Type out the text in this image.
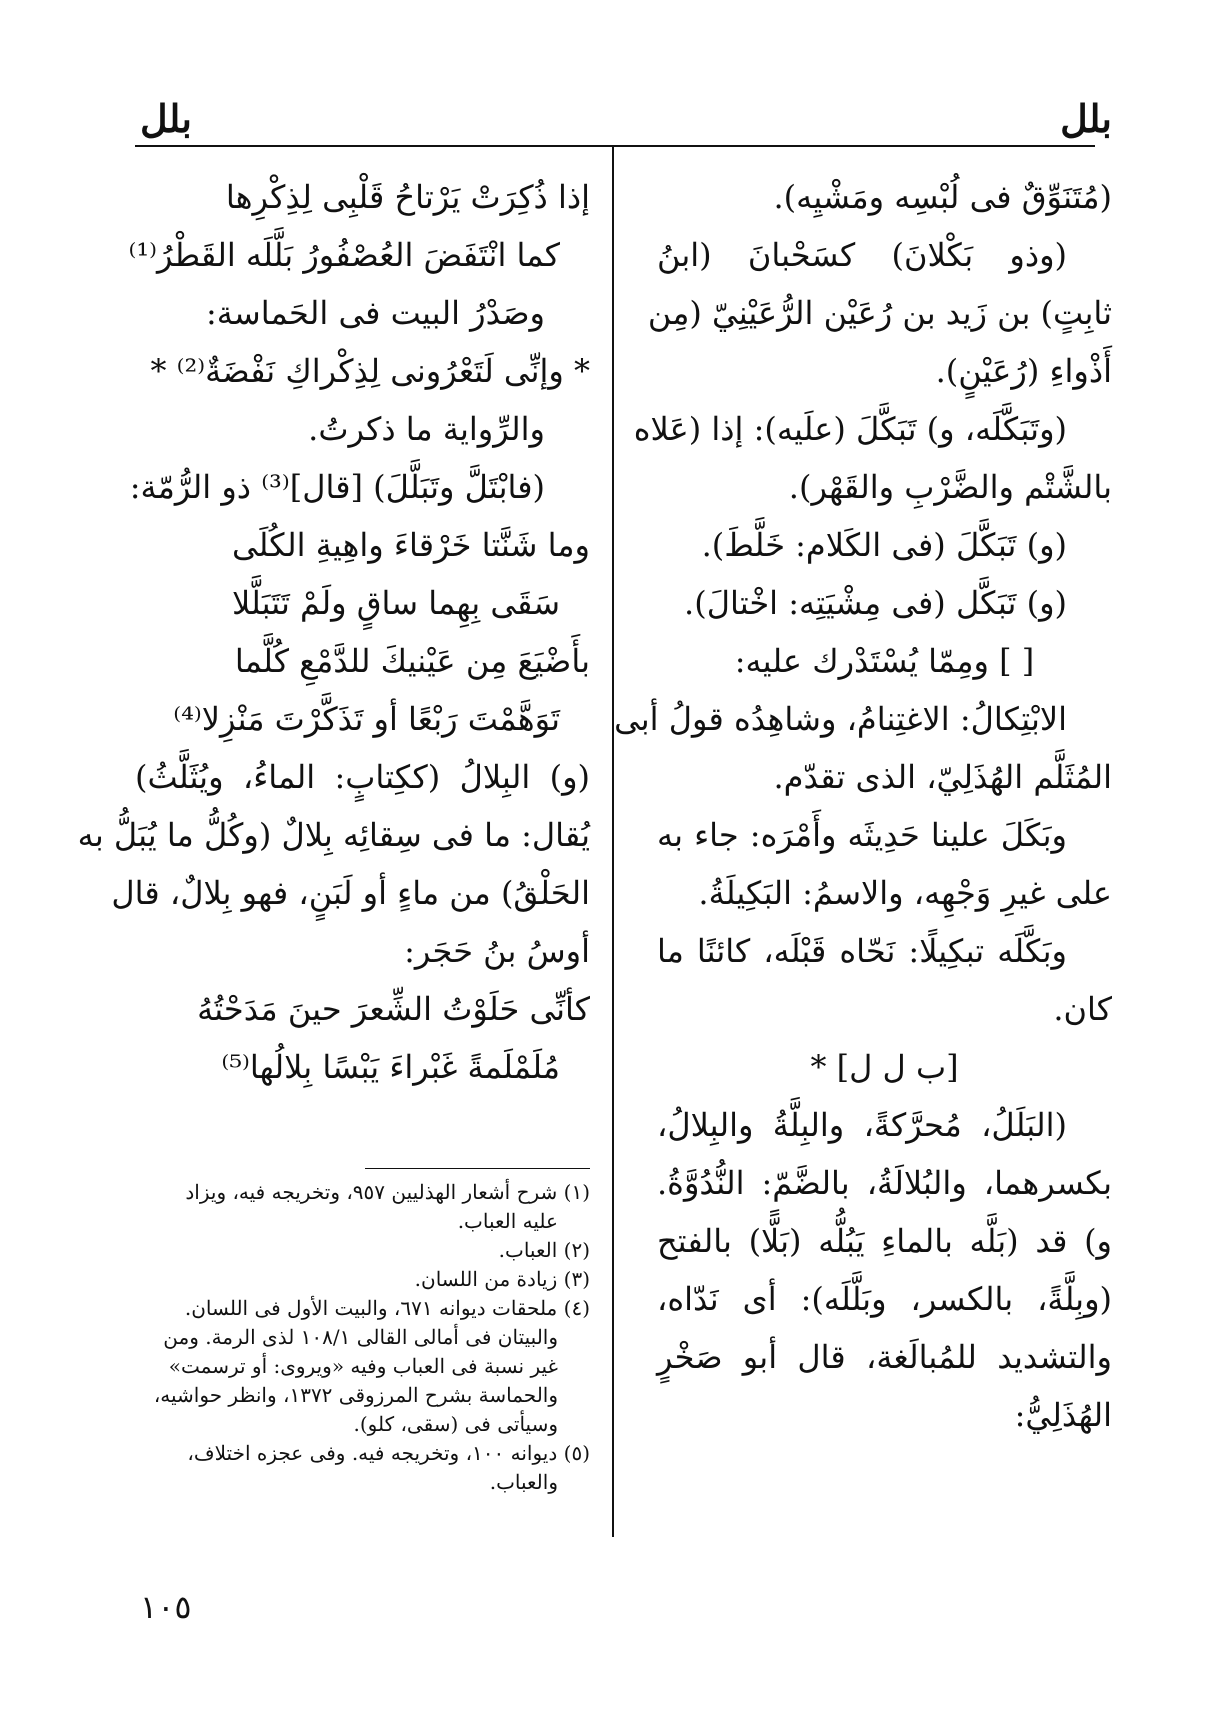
بلل
بلل
(مُتَنَوِّقٌ فى لُبْسِه ومَشْيِه).
(وذو بَكْلانَ) كسَحْبانَ (ابنُ
ثابِتٍ) بن زَيد بن رُعَيْن الرُّعَيْنِيّ (مِن
أَذْواءِ (رُعَيْنٍ).
(وتَبَكَّلَه، و) تَبَكَّلَ (علَيه): إذا (عَلاه
بالشَّتْم والضَّرْبِ والقَهْر).
(و) تَبَكَّلَ (فى الكَلام: خَلَّطَ).
(و) تَبَكَّل (فى مِشْيَتِه: اخْتالَ).
[ ] ومِمّا يُسْتَدْرك عليه:
الابْتِكالُ: الاغتِنامُ، وشاهِدُه قولُ أبى
المُثَلَّم الهُذَلِيّ، الذى تقدّم.
وبَكَلَ علينا حَدِيثَه وأَمْرَه: جاء به
على غيرِ وَجْهِه، والاسمُ: البَكِيلَةُ.
وبَكَّلَه تبكِيلًا: نَحّاه قَبْلَه، كائنًا ما
كان.
[ب ل ل] *
(البَلَلُ، مُحرَّكةً، والبِلَّةُ والبِلالُ،
بكسرهما، والبُلالَةُ، بالضَّمّ: النُّدُوَّةُ.
و) قد (بَلَّه بالماءِ يَبُلُّه (بَلًّا) بالفتح
(وبِلَّةً، بالكسر، وبَلَّلَه): أى نَدّاه،
والتشديد للمُبالَغة، قال أبو صَخْرٍ
الهُذَلِيُّ:
إذا ذُكِرَتْ يَرْتاحُ قَلْبِى لِذِكْرِها
كما انْتَفَضَ العُصْفُورُ بَلَّلَه القَطْرُ⁽¹⁾
وصَدْرُ البيت فى الحَماسة:
* وإنِّى لَتَعْرُونى لِذِكْراكِ نَفْضَةٌ⁽²⁾ *
والرِّواية ما ذكرتُ.
(فابْتَلَّ وتَبَلَّلَ) [قال]⁽³⁾ ذو الرُّمّة:
وما شَنَّتا خَرْقاءَ واهِيةِ الكُلَى
سَقَى بِهِما ساقٍ ولَمْ تَتَبَلَّلا
بأَضْيَعَ مِن عَيْنيكَ للدَّمْعِ كُلَّما
تَوَهَّمْتَ رَبْعًا أو تَذَكَّرْتَ مَنْزِلا⁽⁴⁾
(و) البِلالُ (ككِتابٍ: الماءُ، ويُثَلَّثُ)
يُقال: ما فى سِقائِه بِلالٌ (وكُلُّ ما يُبَلُّ به
الحَلْقُ) من ماءٍ أو لَبَنٍ، فهو بِلالٌ، قال
أوسُ بنُ حَجَر:
كأنِّى حَلَوْتُ الشِّعرَ حينَ مَدَحْتُهُ
مُلَمْلَمةً غَبْراءَ يَبْسًا بِلالُها⁽⁵⁾
(١) شرح أشعار الهذليين ٩٥٧، وتخريجه فيه، ويزاد
عليه العباب.
(٢) العباب.
(٣) زيادة من اللسان.
(٤) ملحقات ديوانه ٦٧١، والبيت الأول فى اللسان.
والبيتان فى أمالى القالى ١٠٨/١ لذى الرمة. ومن
غير نسبة فى العباب وفيه «ويروى: أو ترسمت»
والحماسة بشرح المرزوقى ١٣٧٢، وانظر حواشيه،
وسيأتى فى (سقى، كلو).
(٥) ديوانه ١٠٠، وتخريجه فيه. وفى عجزه اختلاف،
والعباب.
١٠٥
